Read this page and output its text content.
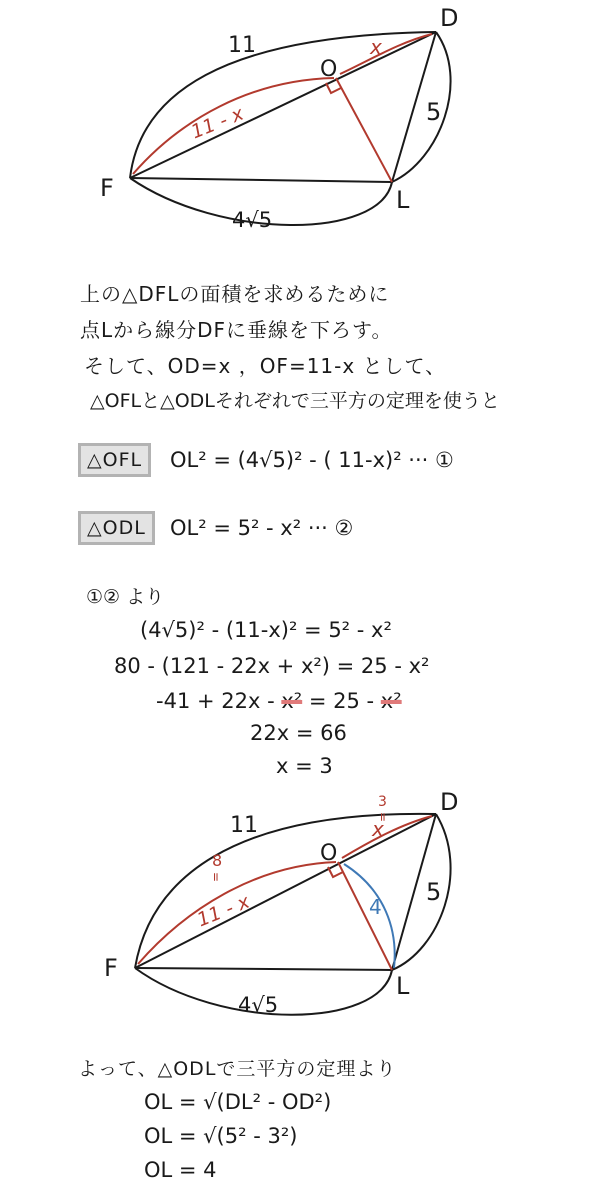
11
D
O
x
5
11 - x
F	L
4√5
上の△DFLの面積を求めるために
点Lから線分DFに垂線を下ろす。
そして、OD=x ，OF=11-x として、
△OFLと△ODLそれぞれで三平方の定理を使うと
△OFL	OL² = (4√5)² - ( 11-x)² ··· ①
△ODL	OL² = 5² - x² ··· ②
①② より
(4√5)² - (11-x)² = 5² - x²
80 - (121 - 22x + x²) = 25 - x²
-41 + 22x - x² = 25 - x²
22x = 66
x = 3
11
D
O
x
=
3
5
11 - x
8
=
4
F
L
4√5
よって、△ODLで三平方の定理より
OL = √(DL² - OD²)
OL = √(5² - 3²)
OL = 4
